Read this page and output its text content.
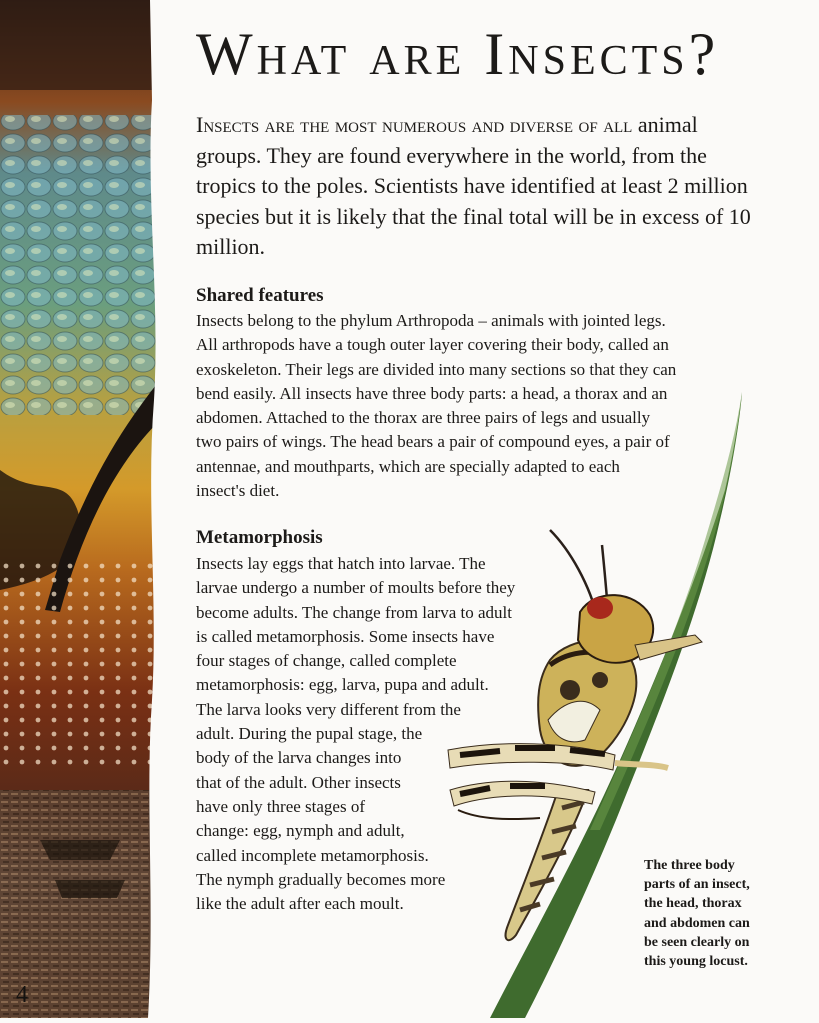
4
What are Insects?

Insects are the most numerous and diverse of all animal groups. They are found everywhere in the world, from the tropics to the poles. Scientists have identified at least 2 million species but it is likely that the final total will be in excess of 10 million.

Shared features
Insects belong to the phylum Arthropoda – animals with jointed legs.
All arthropods have a tough outer layer covering their body, called an
exoskeleton. Their legs are divided into many sections so that they can
bend easily. All insects have three body parts: a head, a thorax and an
abdomen. Attached to the thorax are three pairs of legs and usually
two pairs of wings. The head bears a pair of compound eyes, a pair of
antennae, and mouthparts, which are specially adapted to each
insect's diet.
Metamorphosis
Insects lay eggs that hatch into larvae. The
larvae undergo a number of moults before they
become adults. The change from larva to adult
is called metamorphosis. Some insects have
four stages of change, called complete
metamorphosis: egg, larva, pupa and adult.
The larva looks very different from the
adult. During the pupal stage, the
body of the larva changes into
that of the adult. Other insects
have only three stages of
change: egg, nymph and adult,
called incomplete metamorphosis.
The nymph gradually becomes more
like the adult after each moult.
The three body
parts of an insect,
the head, thorax
and abdomen can
be seen clearly on
this young locust.
